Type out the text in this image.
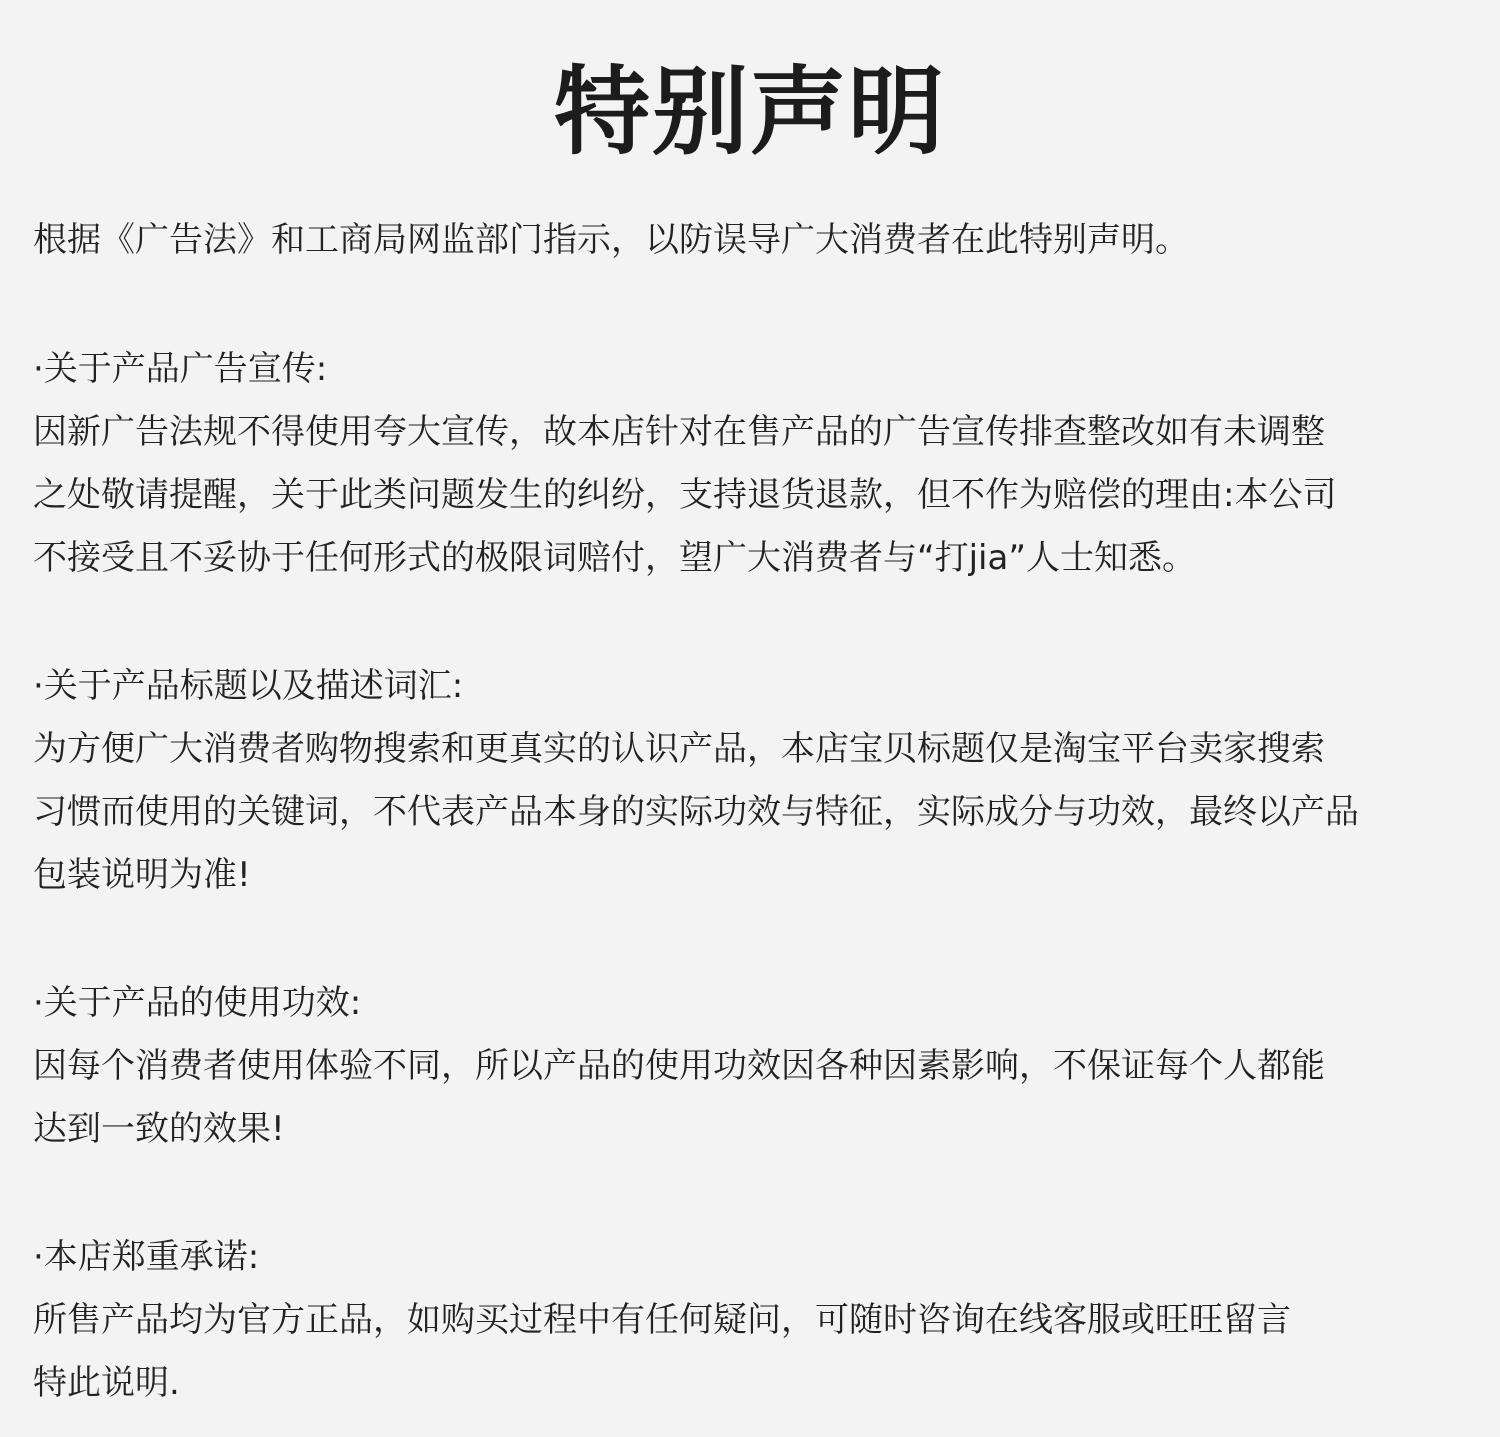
特别声明

根据《广告法》和工商局网监部门指示，以防误导广大消费者在此特别声明。

·关于产品广告宣传:

因新广告法规不得使用夸大宣传，故本店针对在售产品的广告宣传排查整改如有未调整

之处敬请提醒，关于此类问题发生的纠纷，支持退货退款，但不作为赔偿的理由:本公司

不接受且不妥协于任何形式的极限词赔付，望广大消费者与“打jia”人士知悉。

·关于产品标题以及描述词汇:

为方便广大消费者购物搜索和更真实的认识产品，本店宝贝标题仅是淘宝平台卖家搜索

习惯而使用的关键词，不代表产品本身的实际功效与特征，实际成分与功效，最终以产品

包装说明为准!

·关于产品的使用功效:

因每个消费者使用体验不同，所以产品的使用功效因各种因素影响，不保证每个人都能

达到一致的效果!

·本店郑重承诺:

所售产品均为官方正品，如购买过程中有任何疑问，可随时咨询在线客服或旺旺留言

特此说明.
